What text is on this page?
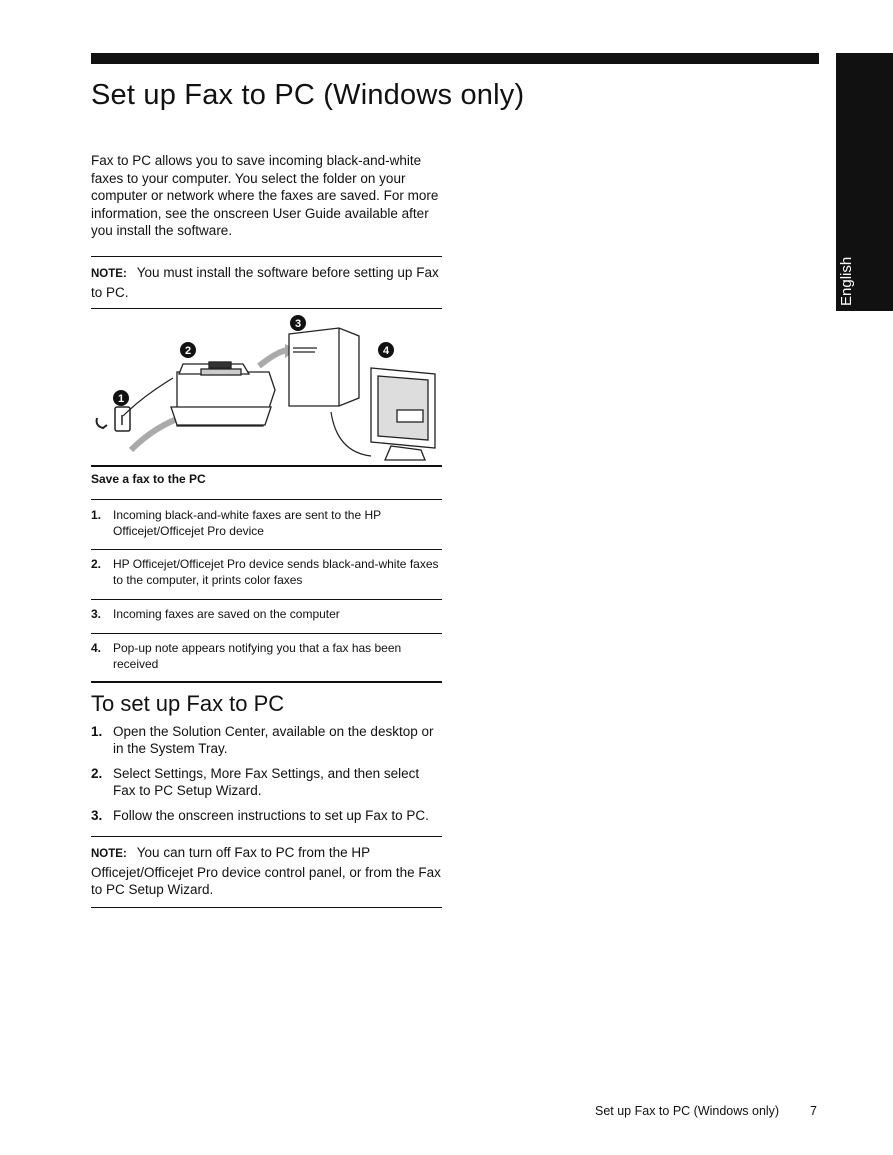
English
Set up Fax to PC (Windows only)

Fax to PC allows you to save incoming black-and-white faxes to your computer. You select the folder on your computer or network where the faxes are saved. For more information, see the onscreen User Guide available after you install the software.

NOTE: You must install the software before setting up Fax to PC.

1
2
3
4

Save a fax to the PC

1. Incoming black-and-white faxes are sent to the HP Officejet/Officejet Pro device
2. HP Officejet/Officejet Pro device sends black-and-white faxes to the computer, it prints color faxes
3. Incoming faxes are saved on the computer
4. Pop-up note appears notifying you that a fax has been received
To set up Fax to PC
1. Open the Solution Center, available on the desktop or in the System Tray.
2. Select Settings, More Fax Settings, and then select Fax to PC Setup Wizard.
3. Follow the onscreen instructions to set up Fax to PC.

NOTE: You can turn off Fax to PC from the HP Officejet/Officejet Pro device control panel, or from the Fax to PC Setup Wizard.

Set up Fax to PC (Windows only) 7
